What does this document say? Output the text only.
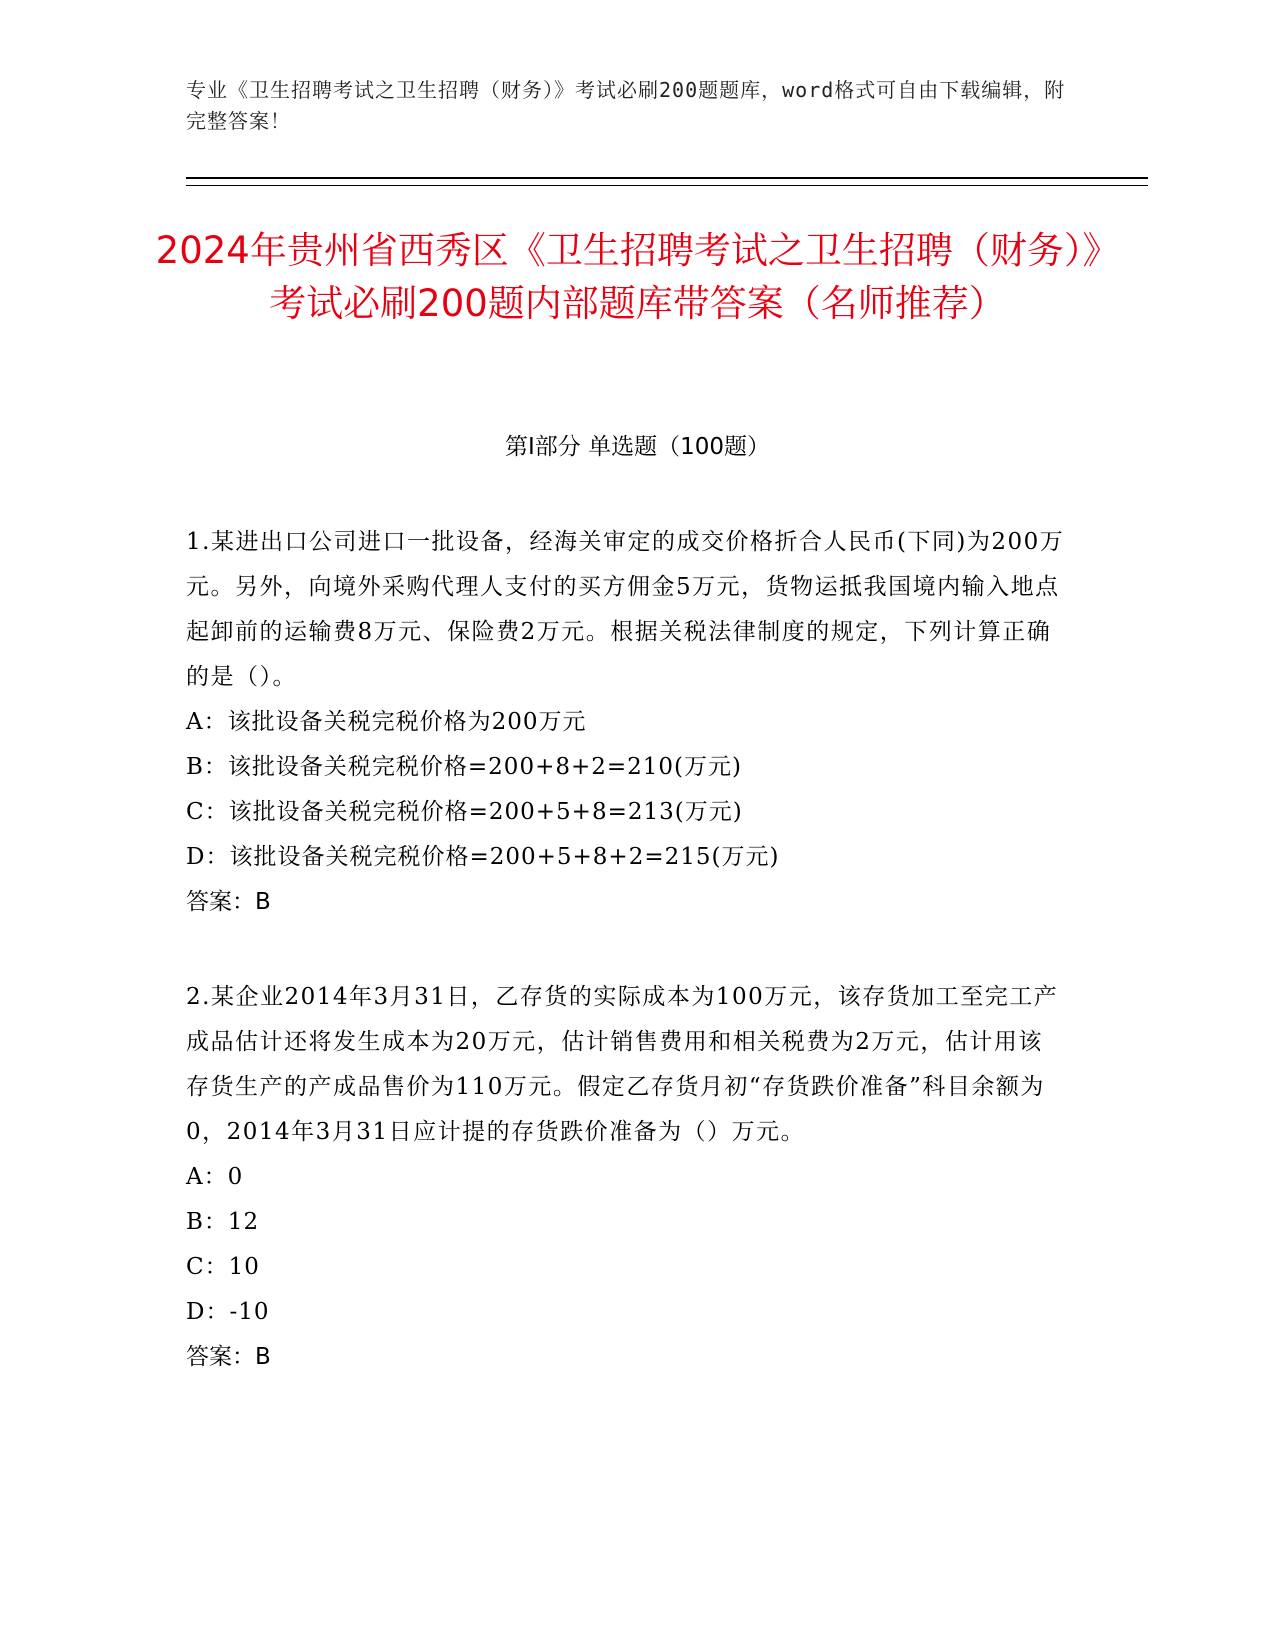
专业《卫生招聘考试之卫生招聘（财务）》考试必刷200题题库，word格式可自由下载编辑，附完整答案！
2024年贵州省西秀区《卫生招聘考试之卫生招聘（财务）》考试必刷200题内部题库带答案（名师推荐）
第Ⅰ部分 单选题（100题）

1.某进出口公司进口一批设备，经海关审定的成交价格折合人民币(下同)为200万元。另外，向境外采购代理人支付的买方佣金5万元，货物运抵我国境内输入地点起卸前的运输费8万元、保险费2万元。根据关税法律制度的规定，下列计算正确的是（）。

A：该批设备关税完税价格为200万元

B：该批设备关税完税价格=200+8+2=210(万元)

C：该批设备关税完税价格=200+5+8=213(万元)

D：该批设备关税完税价格=200+5+8+2=215(万元)

答案：B

2.某企业2014年3月31日，乙存货的实际成本为100万元，该存货加工至完工产成品估计还将发生成本为20万元，估计销售费用和相关税费为2万元，估计用该存货生产的产成品售价为110万元。假定乙存货月初“存货跌价准备”科目余额为0，2014年3月31日应计提的存货跌价准备为（）万元。

A：0

B：12

C：10

D：-10

答案：B
